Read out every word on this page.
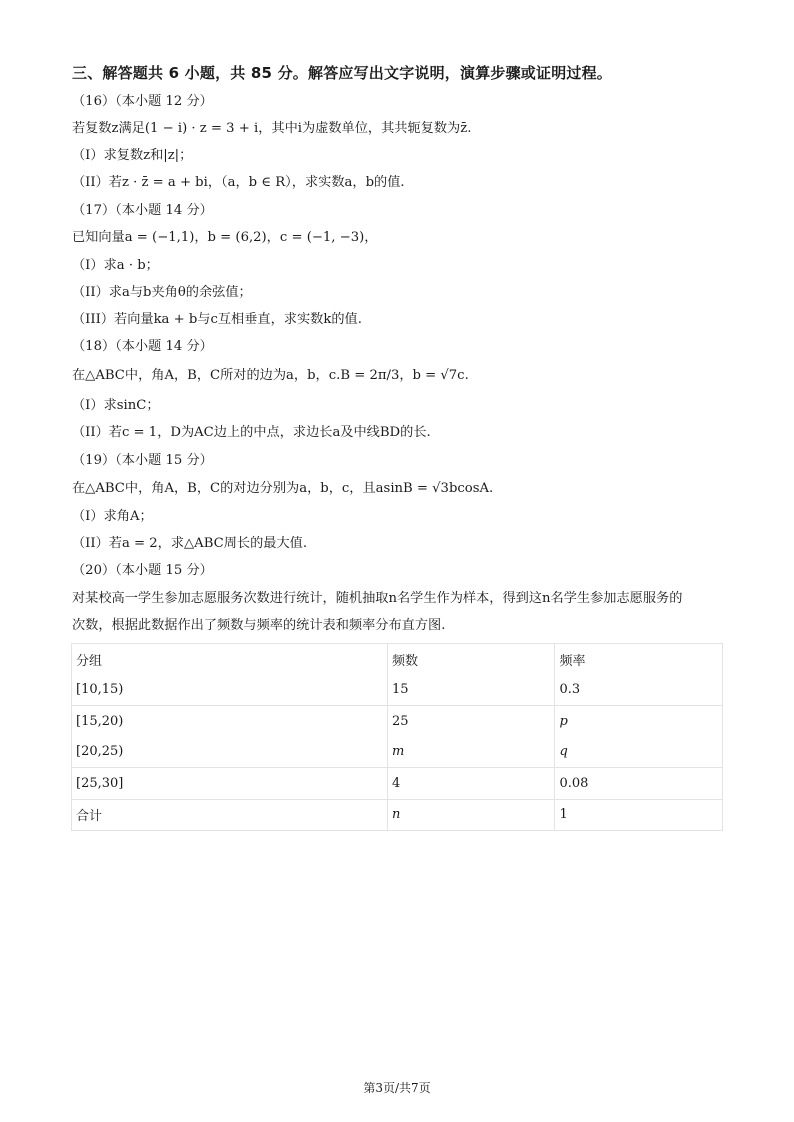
三、解答题共 6 小题，共 85 分。解答应写出文字说明，演算步骤或证明过程。
（16）（本小题 12 分）
若复数z满足(1 − i) · z = 3 + i，其中i为虚数单位，其共轭复数为z̄.
（I）求复数z和|z|；
（II）若z · z̄ = a + bi，（a，b ∈ R），求实数a，b的值.
（17）（本小题 14 分）
已知向量a = (−1,1)，b = (6,2)，c = (−1, −3)，
（I）求a · b；
（II）求a与b夹角θ的余弦值；
（III）若向量ka + b与c互相垂直，求实数k的值.
（18）（本小题 14 分）
在△ABC中，角A，B，C所对的边为a，b，c.B = 2π/3，b = √7c.
（I）求sinC；
（II）若c = 1，D为AC边上的中点，求边长a及中线BD的长.
（19）（本小题 15 分）
在△ABC中，角A，B，C的对边分别为a，b，c，且asinB = √3bcosA.
（I）求角A；
（II）若a = 2，求△ABC周长的最大值.
（20）（本小题 15 分）
对某校高一学生参加志愿服务次数进行统计，随机抽取n名学生作为样本，得到这n名学生参加志愿服务的
次数，根据此数据作出了频数与频率的统计表和频率分布直方图.
分组	频数	频率
[10,15)	15	0.3
[15,20)	25	p
[20,25)	m	q
[25,30]	4	0.08
合计	n	1
第3页/共7页
